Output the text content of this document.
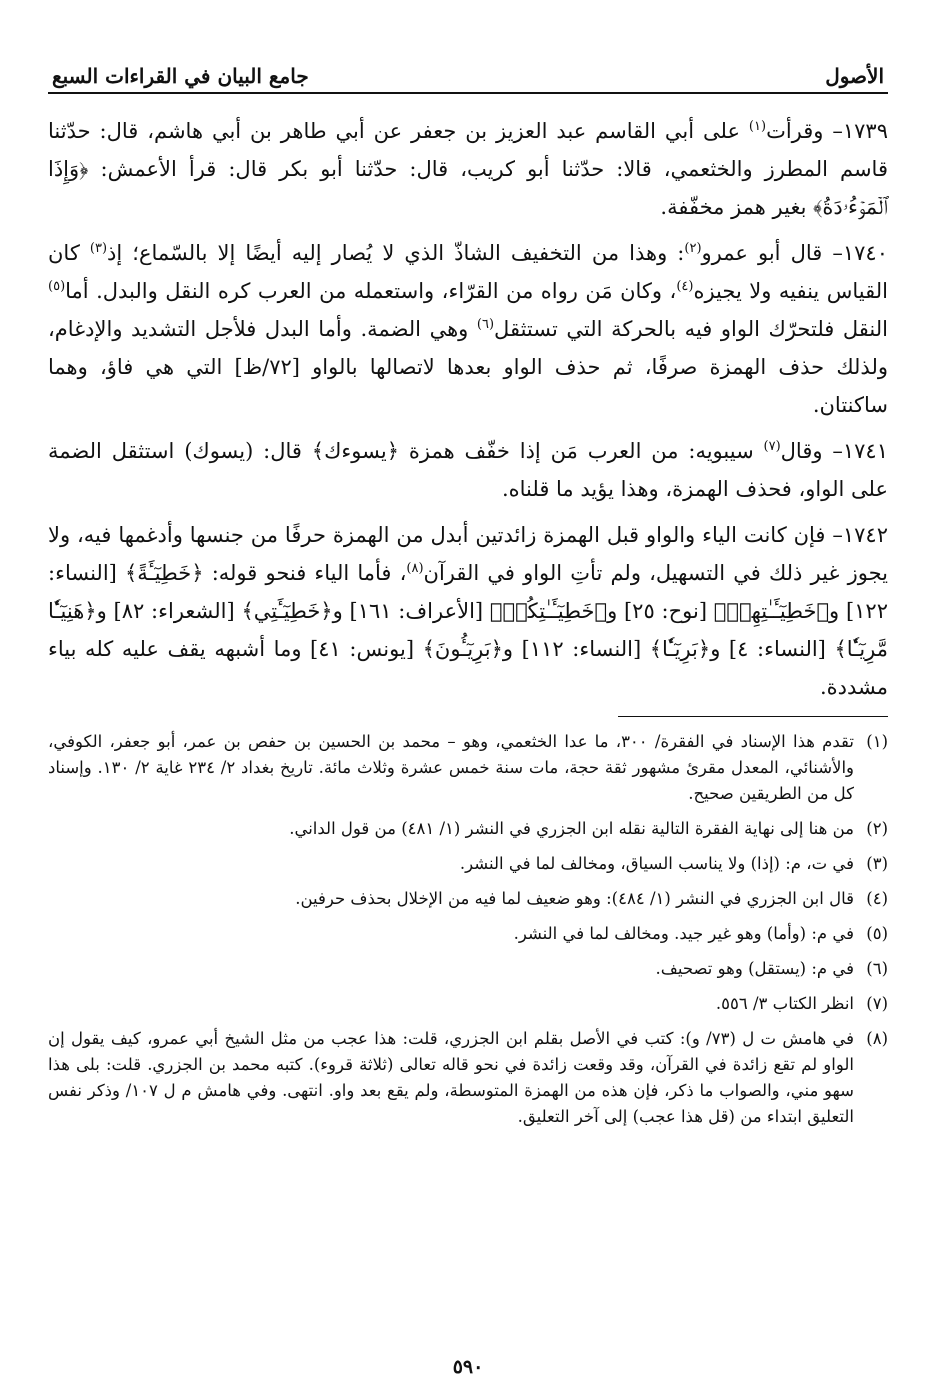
الأصول
جامع البيان في القراءات السبع

١٧٣٩– وقرأت$^{(١)}$ على أبي القاسم عبد العزيز بن جعفر عن أبي طاهر بن أبي هاشم، قال: حدّثنا قاسم المطرز والخثعمي، قالا: حدّثنا أبو كريب، قال: حدّثنا أبو بكر قال: قرأ الأعمش: ﴿وَإِذَا ٱلۡمَوۡءُۥدَةُ﴾ بغير همز مخفّفة.

١٧٤٠– قال أبو عمرو$^{(٢)}$: وهذا من التخفيف الشاذّ الذي لا يُصار إليه أيضًا إلا بالسّماع؛ إذ$^{(٣)}$ كان القياس ينفيه ولا يجيزه$^{(٤)}$، وكان مَن رواه من القرّاء، واستعمله من العرب كره النقل والبدل. أما$^{(٥)}$ النقل فلتحرّك الواو فيه بالحركة التي تستثقل$^{(٦)}$ وهي الضمة. وأما البدل فلأجل التشديد والإدغام، ولذلك حذف الهمزة صرفًا، ثم حذف الواو بعدها لاتصالها بالواو [٧٢/ظ] التي هي فاؤ، وهما ساكنتان.

١٧٤١– وقال$^{(٧)}$ سيبويه: من العرب مَن إذا خفّف همزة ﴿يسوءك﴾ قال: (يسوك) استثقل الضمة على الواو، فحذف الهمزة، وهذا يؤيد ما قلناه.

١٧٤٢– فإن كانت الياء والواو قبل الهمزة زائدتين أبدل من الهمزة حرفًا من جنسها وأدغمها فيه، ولا يجوز غير ذلك في التسهيل، ولم تأتِ الواو في القرآن$^{(٨)}$، فأما الياء فنحو قوله: ﴿خَطِيٓـَٔةً﴾ [النساء: ١٢٢] و﴿خَطِيٓـَٔـٰتِهِمۡ﴾ [نوح: ٢٥] و﴿خَطِيٓـَٔـٰتِكُمۡ﴾ [الأعراف: ١٦١] و﴿خَطِيٓـَٔتِي﴾ [الشعراء: ٨٢] و﴿هَنِيٓـٔٗا مَّرِيٓـٔٗا﴾ [النساء: ٤] و﴿بَرِيٓـٔٗا﴾ [النساء: ١١٢] و﴿بَرِيٓـُٔونَ﴾ [يونس: ٤١] وما أشبهه يقف عليه كله بياء مشددة.

(١)
تقدم هذا الإسناد في الفقرة/ ٣٠٠، ما عدا الخثعمي، وهو – محمد بن الحسين بن حفص بن عمر، أبو جعفر، الكوفي، والأشنائي، المعدل مقرئ مشهور ثقة حجة، مات سنة خمس عشرة وثلاث مائة. تاريخ بغداد ٢/ ٢٣٤ غاية ٢/ ١٣٠. وإسناد كل من الطريقين صحيح.
(٢)
من هنا إلى نهاية الفقرة التالية نقله ابن الجزري في النشر (١/ ٤٨١) من قول الداني.
(٣)
في ت، م: (إذا) ولا يناسب السياق، ومخالف لما في النشر.
(٤)
قال ابن الجزري في النشر (١/ ٤٨٤): وهو ضعيف لما فيه من الإخلال بحذف حرفين.
(٥)
في م: (وأما) وهو غير جيد. ومخالف لما في النشر.
(٦)
في م: (يستقل) وهو تصحيف.
(٧)
انظر الكتاب ٣/ ٥٥٦.
(٨)
في هامش ت ل (٧٣/ و): كتب في الأصل بقلم ابن الجزري، قلت: هذا عجب من مثل الشيخ أبي عمرو، كيف يقول إن الواو لم تقع زائدة في القرآن، وقد وقعت زائدة في نحو قاله تعالى (ثلاثة قروء). كتبه محمد بن الجزري. قلت: بلى هذا سهو مني، والصواب ما ذكر، فإن هذه من الهمزة المتوسطة، ولم يقع بعد واو. انتهى. وفي هامش م ل ١٠٧/ وذكر نفس التعليق ابتداء من (قل هذا عجب) إلى آخر التعليق.
٥٩٠
